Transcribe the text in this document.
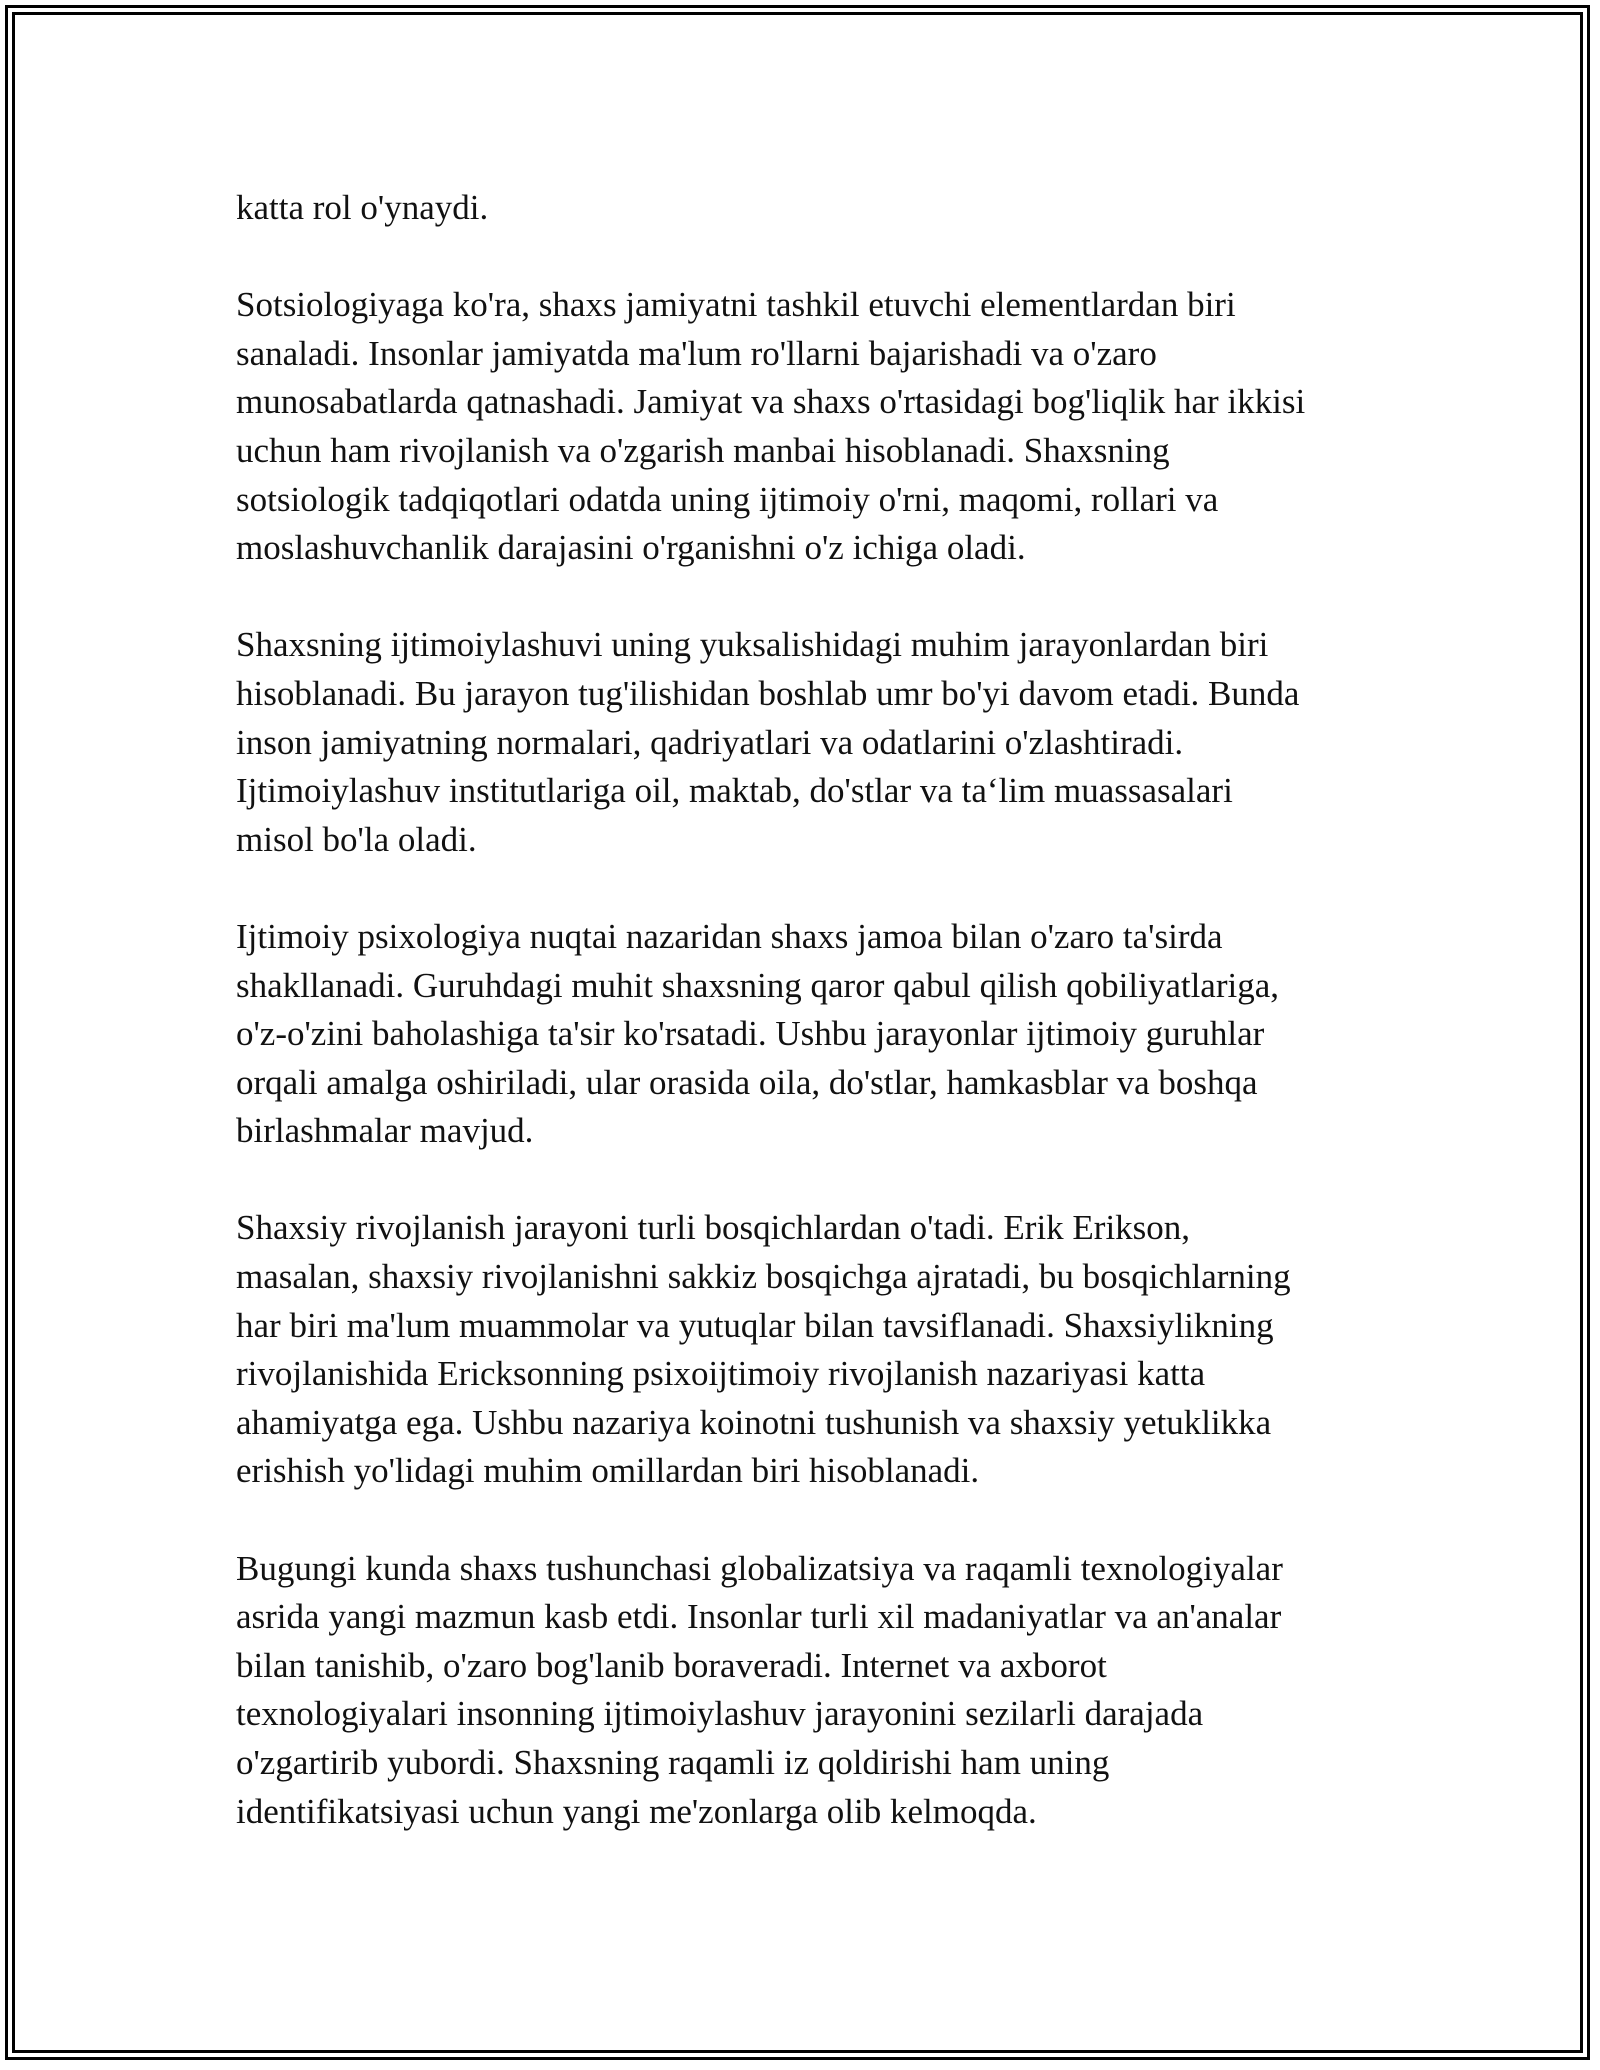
katta rol o'ynaydi.

Sotsiologiyaga ko'ra, shaxs jamiyatni tashkil etuvchi elementlardan biri
sanaladi. Insonlar jamiyatda ma'lum ro'llarni bajarishadi va o'zaro
munosabatlarda qatnashadi. Jamiyat va shaxs o'rtasidagi bog'liqlik har ikkisi
uchun ham rivojlanish va o'zgarish manbai hisoblanadi. Shaxsning
sotsiologik tadqiqotlari odatda uning ijtimoiy o'rni, maqomi, rollari va
moslashuvchanlik darajasini o'rganishni o'z ichiga oladi.

Shaxsning ijtimoiylashuvi uning yuksalishidagi muhim jarayonlardan biri
hisoblanadi. Bu jarayon tug'ilishidan boshlab umr bo'yi davom etadi. Bunda
inson jamiyatning normalari, qadriyatlari va odatlarini o'zlashtiradi.
Ijtimoiylashuv institutlariga oil, maktab, do'stlar va ta‘lim muassasalari
misol bo'la oladi.

Ijtimoiy psixologiya nuqtai nazaridan shaxs jamoa bilan o'zaro ta'sirda
shakllanadi. Guruhdagi muhit shaxsning qaror qabul qilish qobiliyatlariga,
o'z-o'zini baholashiga ta'sir ko'rsatadi. Ushbu jarayonlar ijtimoiy guruhlar
orqali amalga oshiriladi, ular orasida oila, do'stlar, hamkasblar va boshqa
birlashmalar mavjud.

Shaxsiy rivojlanish jarayoni turli bosqichlardan o'tadi. Erik Erikson,
masalan, shaxsiy rivojlanishni sakkiz bosqichga ajratadi, bu bosqichlarning
har biri ma'lum muammolar va yutuqlar bilan tavsiflanadi. Shaxsiylikning
rivojlanishida Ericksonning psixoijtimoiy rivojlanish nazariyasi katta
ahamiyatga ega. Ushbu nazariya koinotni tushunish va shaxsiy yetuklikka
erishish yo'lidagi muhim omillardan biri hisoblanadi.

Bugungi kunda shaxs tushunchasi globalizatsiya va raqamli texnologiyalar
asrida yangi mazmun kasb etdi. Insonlar turli xil madaniyatlar va an'analar
bilan tanishib, o'zaro bog'lanib boraveradi. Internet va axborot
texnologiyalari insonning ijtimoiylashuv jarayonini sezilarli darajada
o'zgartirib yubordi. Shaxsning raqamli iz qoldirishi ham uning
identifikatsiyasi uchun yangi me'zonlarga olib kelmoqda.
